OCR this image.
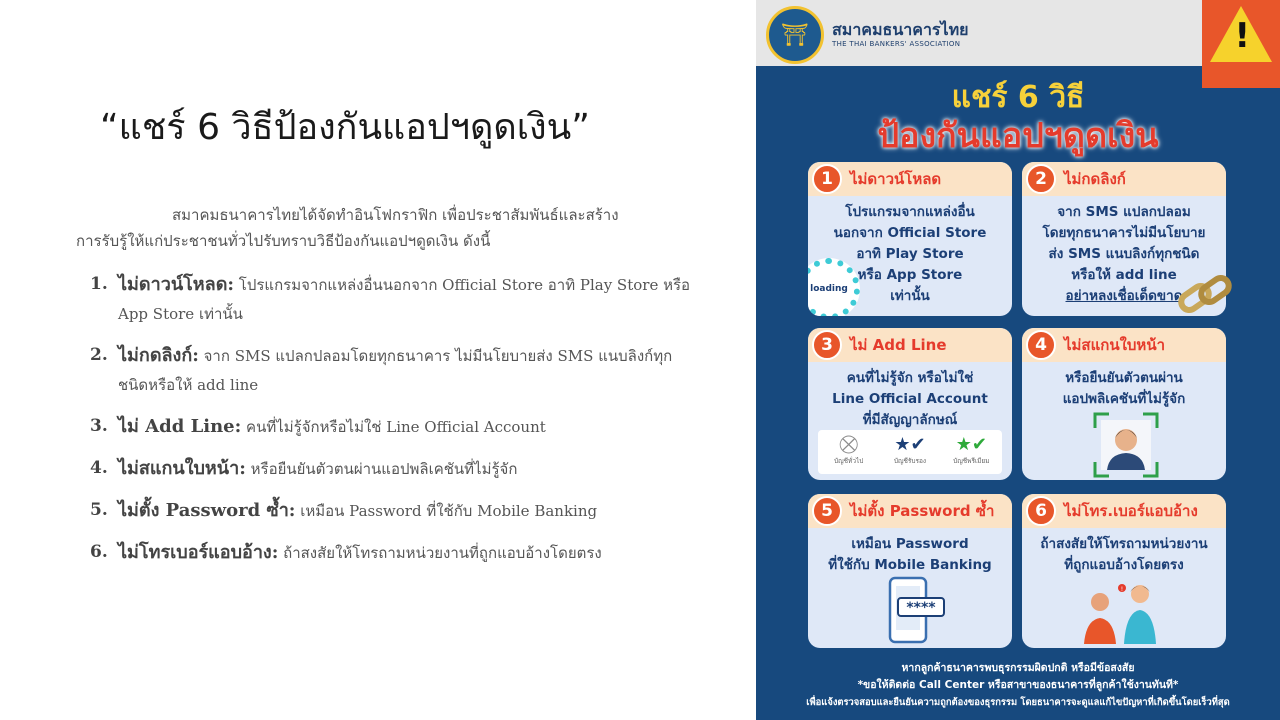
“แชร์ 6 วิธีป้องกันแอปฯดูดเงิน”

สมาคมธนาคารไทยได้จัดทำอินโฟกราฟิก เพื่อประชาสัมพันธ์และสร้าง
การรับรู้ให้แก่ประชาชนทั่วไปรับทราบวิธีป้องกันแอปฯดูดเงิน ดังนี้

1. ไม่ดาวน์โหลด: โปรแกรมจากแหล่งอื่นนอกจาก Official Store อาทิ Play Store หรือ App Store เท่านั้น
2. ไม่กดลิงก์: จาก SMS แปลกปลอมโดยทุกธนาคาร ไม่มีนโยบายส่ง SMS แนบลิงก์ทุกชนิดหรือให้ add line
3. ไม่ Add Line: คนที่ไม่รู้จักหรือไม่ใช่ Line Official Account
4. ไม่สแกนใบหน้า: หรือยืนยันตัวตนผ่านแอปพลิเคชันที่ไม่รู้จัก
5. ไม่ตั้ง Password ซ้ำ: เหมือน Password ที่ใช้กับ Mobile Banking
6. ไม่โทรเบอร์แอบอ้าง: ถ้าสงสัยให้โทรถามหน่วยงานที่ถูกแอบอ้างโดยตรง
⛩	สมาคมธนาคารไทย
THE THAI BANKERS' ASSOCIATION	!
แชร์ 6 วิธี
ป้องกันแอปฯดูดเงิน
1	ไม่ดาวน์โหลด
โปรแกรมจากแหล่งอื่น
นอกจาก Official Store
อาทิ Play Store
หรือ App Store
เท่านั้น
loading
2	ไม่กดลิงก์
จาก SMS แปลกปลอม
โดยทุกธนาคารไม่มีนโยบาย
ส่ง SMS แนบลิงก์ทุกชนิด
หรือให้ add line
อย่าหลงเชื่อเด็ดขาด
3	ไม่ Add Line
คนที่ไม่รู้จัก หรือไม่ใช่
Line Official Account
ที่มีสัญญาลักษณ์
4	ไม่สแกนใบหน้า
หรือยืนยันตัวตนผ่าน
แอปพลิเคชันที่ไม่รู้จัก
5	ไม่ตั้ง Password ซ้ำ
เหมือน Password
ที่ใช้กับ Mobile Banking
6	ไม่โทร.เบอร์แอบอ้าง
ถ้าสงสัยให้โทรถามหน่วยงาน
ที่ถูกแอบอ้างโดยตรง
หากลูกค้าธนาคารพบธุรกรรมผิดปกติ หรือมีข้อสงสัย
*ขอให้ติดต่อ Call Center หรือสาขาของธนาคารที่ลูกค้าใช้งานทันที*
เพื่อแจ้งตรวจสอบและยืนยันความถูกต้องของธุรกรรม โดยธนาคารจะดูแลแก้ไขปัญหาที่เกิดขึ้นโดยเร็วที่สุด
⛒
บัญชีทั่วไป
★✔
บัญชีรับรอง
★✔
บัญชีพรีเมียม
****
!
